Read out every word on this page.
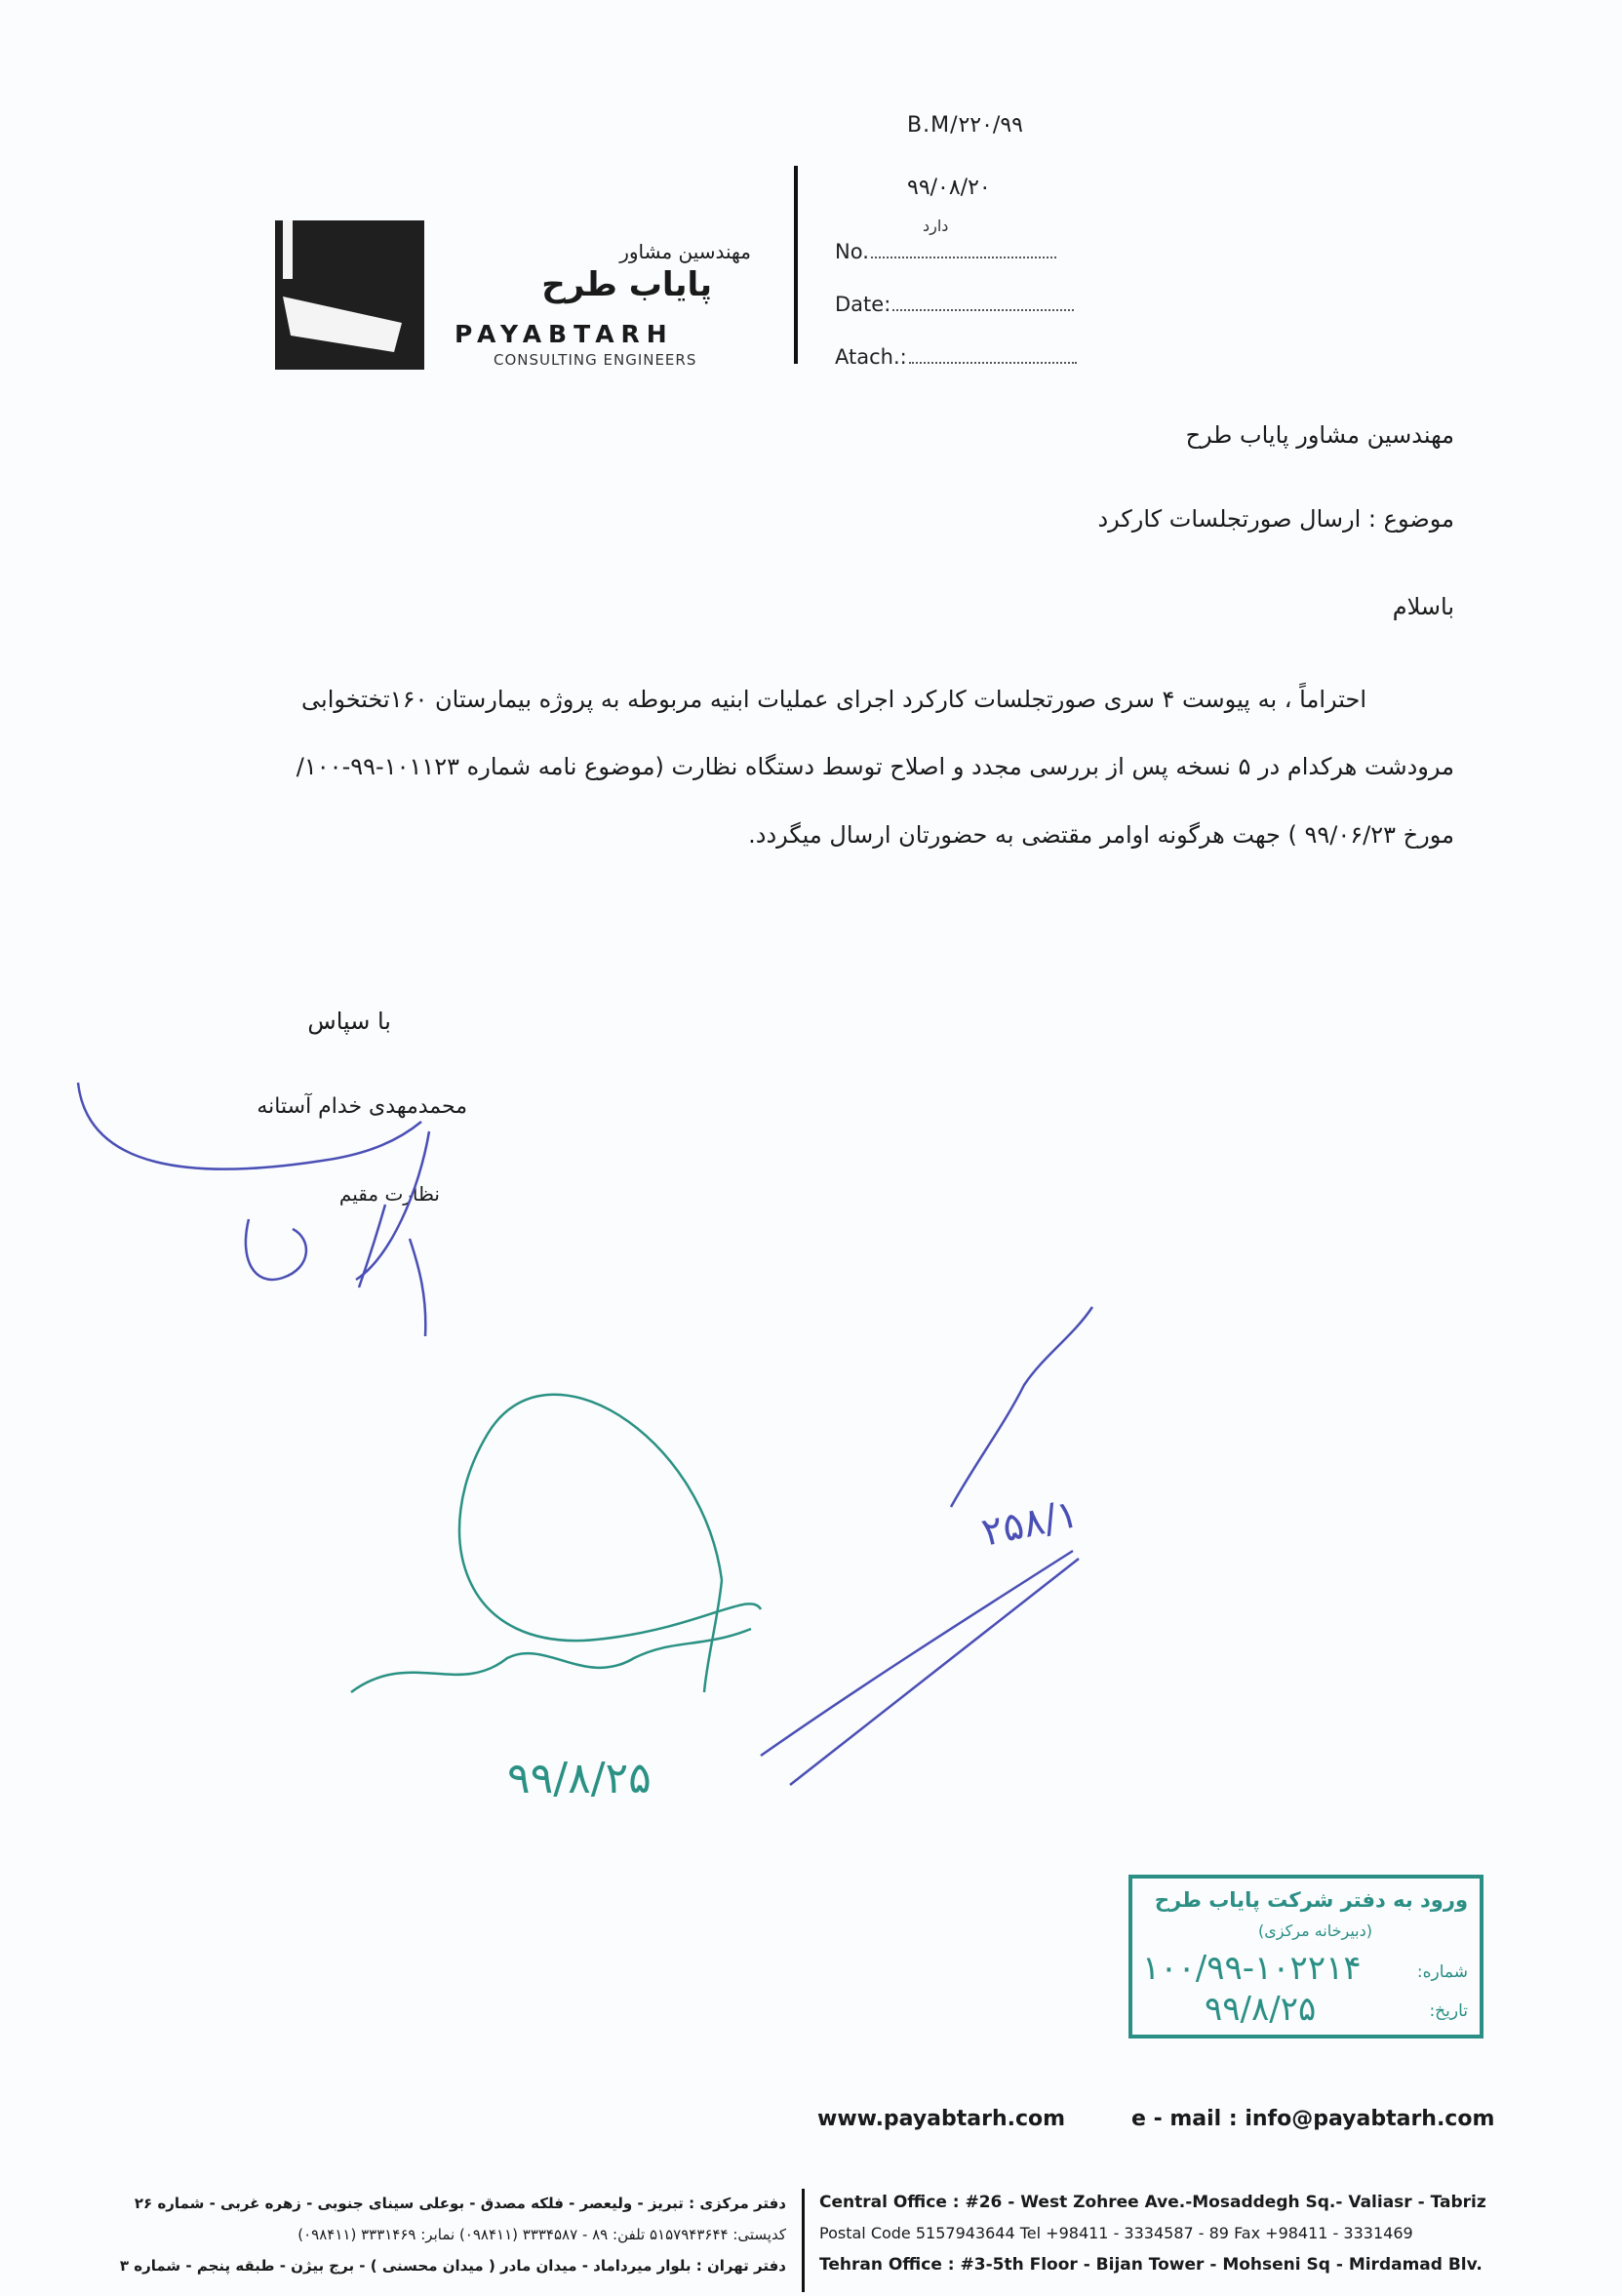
B.M/۲۲۰/۹۹
۹۹/۰۸/۲۰
دارد
No.
Date:
Atach.:
مهندسین مشاور
پایاب طرح
PAYABTARH
CONSULTING ENGINEERS
مهندسین مشاور پایاب طرح
موضوع : ارسال صورتجلسات کارکرد
باسلام
احتراماً ، به پیوست ۴ سری صورتجلسات کارکرد اجرای عملیات ابنیه مربوطه به پروژه بیمارستان ۱۶۰تختخوابی
مرودشت هرکدام در ۵ نسخه پس از بررسی مجدد و اصلاح توسط دستگاه نظارت (موضوع نامه شماره ۱۰۱۱۲۳-۹۹-۱۰۰/
مورخ ۹۹/۰۶/۲۳ ) جهت هرگونه اوامر مقتضی به حضورتان ارسال میگردد.
با سپاس
محمدمهدی خدام آستانه
نظارت مقیم
۹۹/۸/۲۵
۲۵۸/۱
ورود به دفتر شرکت پایاب طرح
(دبیرخانه مرکزی)
شماره:
تاریخ:
۱۰۰/۹۹-۱۰۲۲۱۴
۹۹/۸/۲۵
www.payabtarh.com	e - mail : info@payabtarh.com
Central Office : #26 - West Zohree Ave.-Mosaddegh Sq.- Valiasr - Tabriz
Postal Code 5157943644 Tel +98411 - 3334587 - 89 Fax +98411 - 3331469
Tehran Office : #3-5th Floor - Bijan Tower - Mohseni Sq - Mirdamad Blv.
دفتر مرکزی : تبریز - ولیعصر - فلکه مصدق - بوعلی سینای جنوبی - زهره غربی - شماره ۲۶
کدپستی: ۵۱۵۷۹۴۳۶۴۴ تلفن: ۸۹ - ۳۳۳۴۵۸۷ (۰۹۸۴۱۱) نمابر: ۳۳۳۱۴۶۹ (۰۹۸۴۱۱)
دفتر تهران : بلوار میرداماد - میدان مادر ( میدان محسنی ) - برج بیژن - طبقه پنجم - شماره ۳
